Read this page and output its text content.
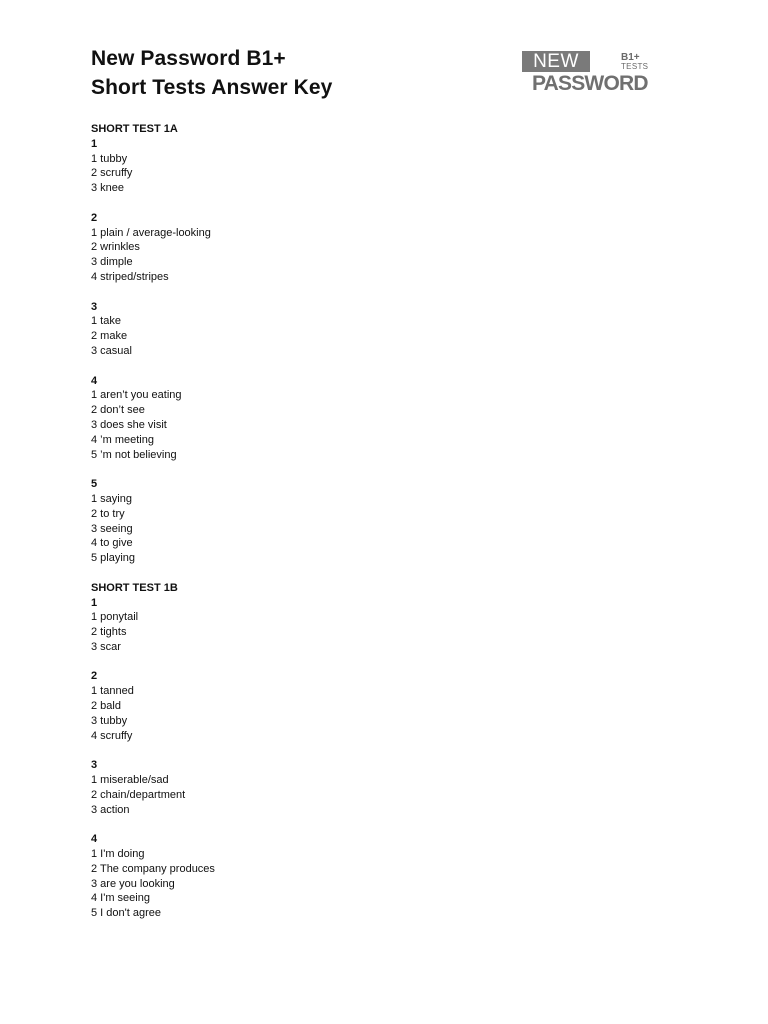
New Password B1+
Short Tests Answer Key
SHORT TEST 1A
1
1 tubby
2 scruffy
3 knee
2
1 plain / average-looking
2 wrinkles
3 dimple
4 striped/stripes
3
1 take
2 make
3 casual
4
1 aren’t you eating
2 don’t see
3 does she visit
4 ’m meeting
5 ’m not believing
5
1 saying
2 to try
3 seeing
4 to give
5 playing
SHORT TEST 1B
1
1 ponytail
2 tights
3 scar
2
1 tanned
2 bald
3 tubby
4 scruffy
3
1 miserable/sad
2 chain/department
3 action
4
1 I'm doing
2 The company produces
3 are you looking
4 I'm seeing
5 I don't agree
NEW	B1+
TESTS
PASSWORD
